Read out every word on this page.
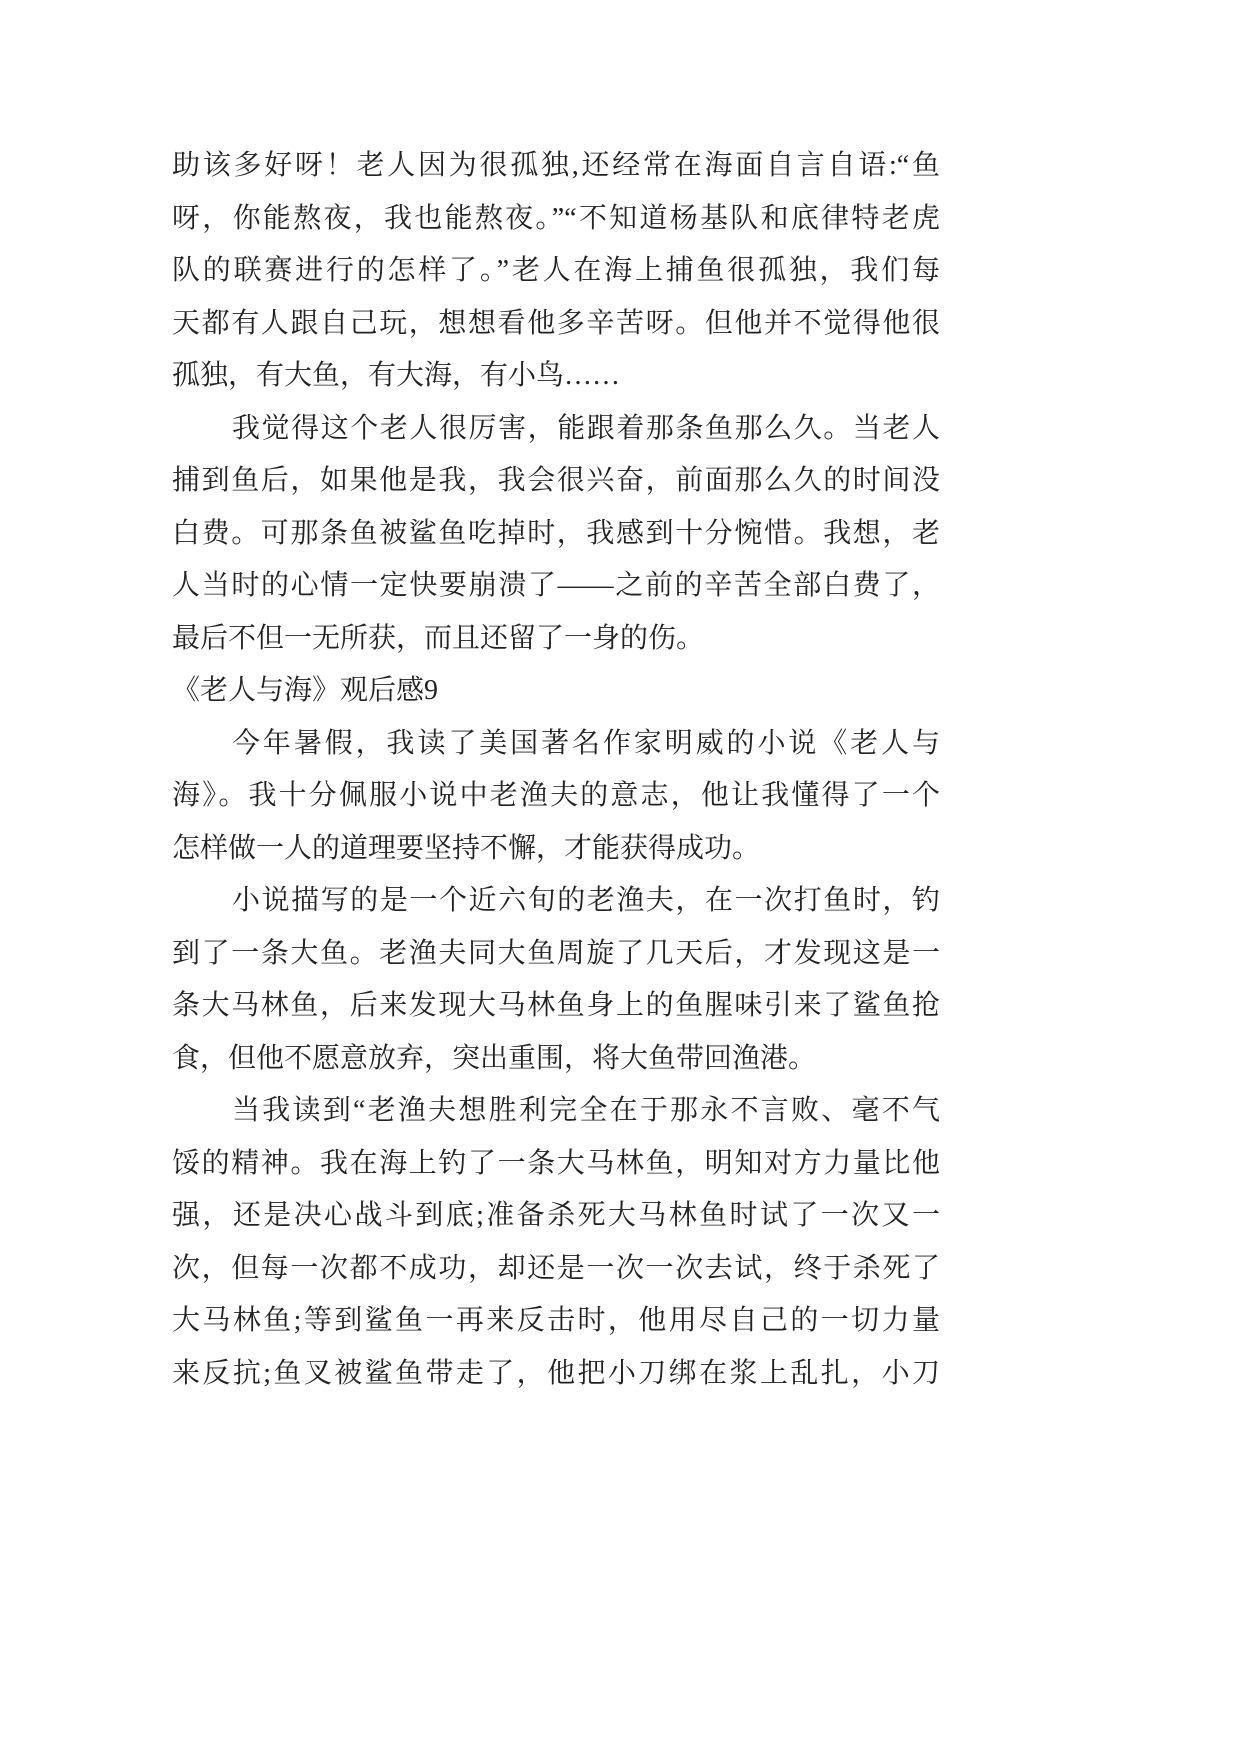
助该多好呀！老人因为很孤独,还经常在海面自言自语:“鱼
呀，你能熬夜，我也能熬夜。”“不知道杨基队和底律特老虎
队的联赛进行的怎样了。”老人在海上捕鱼很孤独，我们每
天都有人跟自己玩，想想看他多辛苦呀。但他并不觉得他很
孤独，有大鱼，有大海，有小鸟……
我觉得这个老人很厉害，能跟着那条鱼那么久。当老人
捕到鱼后，如果他是我，我会很兴奋，前面那么久的时间没
白费。可那条鱼被鲨鱼吃掉时，我感到十分惋惜。我想，老
人当时的心情一定快要崩溃了——之前的辛苦全部白费了，
最后不但一无所获，而且还留了一身的伤。
《老人与海》观后感9
今年暑假，我读了美国著名作家明威的小说《老人与
海》。我十分佩服小说中老渔夫的意志，他让我懂得了一个
怎样做一人的道理要坚持不懈，才能获得成功。
小说描写的是一个近六旬的老渔夫，在一次打鱼时，钓
到了一条大鱼。老渔夫同大鱼周旋了几天后，才发现这是一
条大马林鱼，后来发现大马林鱼身上的鱼腥味引来了鲨鱼抢
食，但他不愿意放弃，突出重围，将大鱼带回渔港。
当我读到“老渔夫想胜利完全在于那永不言败、毫不气
馁的精神。我在海上钓了一条大马林鱼，明知对方力量比他
强，还是决心战斗到底;准备杀死大马林鱼时试了一次又一
次，但每一次都不成功，却还是一次一次去试，终于杀死了
大马林鱼;等到鲨鱼一再来反击时，他用尽自己的一切力量
来反抗;鱼叉被鲨鱼带走了，他把小刀绑在浆上乱扎，小刀
